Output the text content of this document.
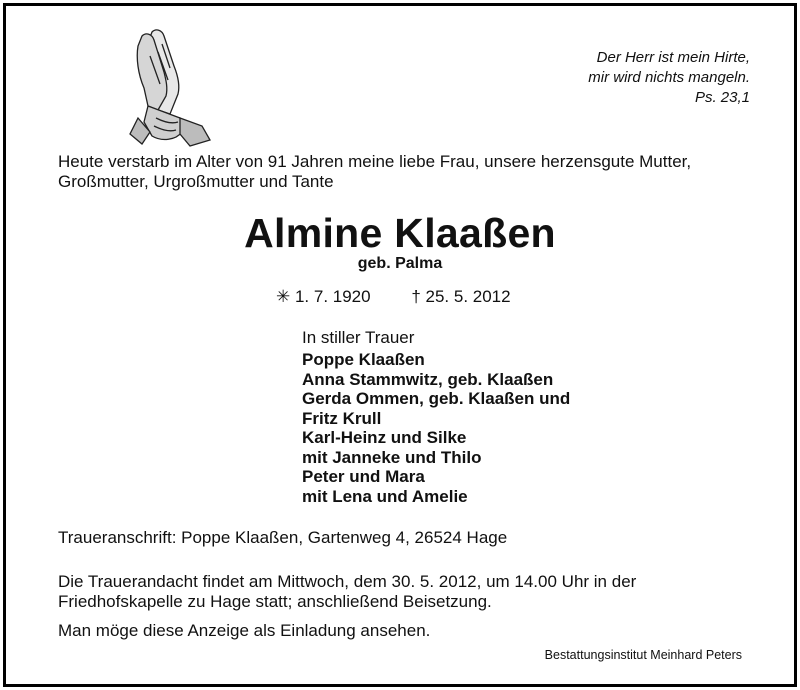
Der Herr ist mein Hirte,
mir wird nichts mangeln.
Ps. 23,1
Heute verstarb im Alter von 91 Jahren meine liebe Frau, unsere herzensgute Mutter,
Großmutter, Urgroßmutter und Tante
Almine Klaaßen
geb. Palma
✳ 1. 7. 1920 † 25. 5. 2012
In stiller Trauer
Poppe Klaaßen
Anna Stammwitz, geb. Klaaßen
Gerda Ommen, geb. Klaaßen und
Fritz Krull
Karl-Heinz und Silke
mit Janneke und Thilo
Peter und Mara
mit Lena und Amelie
Traueranschrift: Poppe Klaaßen, Gartenweg 4, 26524 Hage
Die Trauerandacht findet am Mittwoch, dem 30. 5. 2012, um 14.00 Uhr in der
Friedhofskapelle zu Hage statt; anschließend Beisetzung.
Man möge diese Anzeige als Einladung ansehen.
Bestattungsinstitut Meinhard Peters
